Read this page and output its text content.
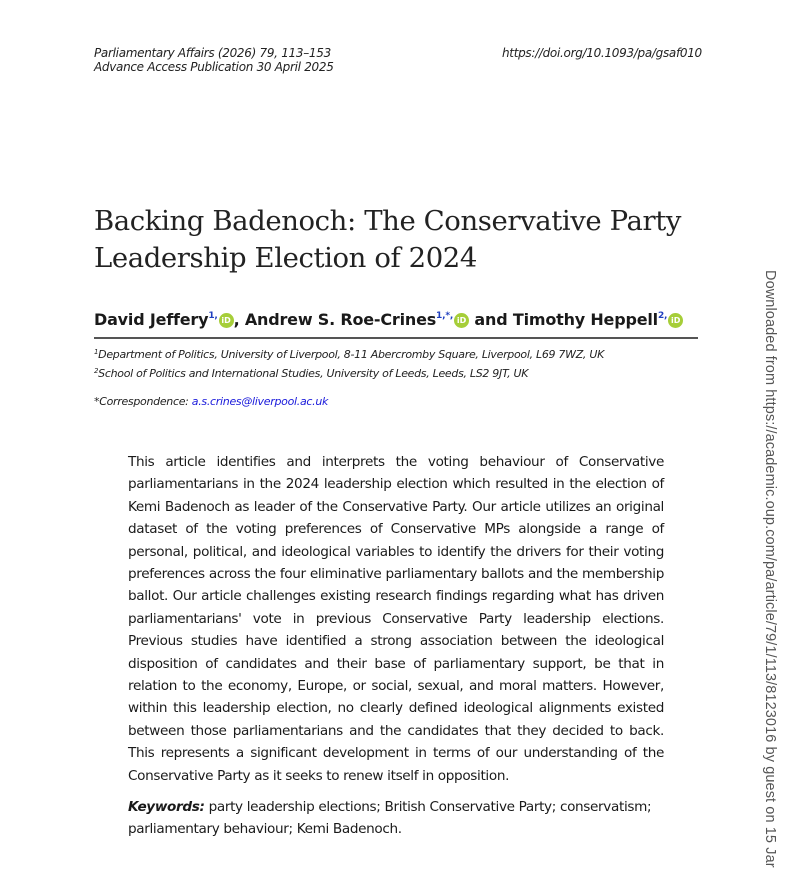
Parliamentary Affairs (2026) 79, 113–153
Advance Access Publication 30 April 2025
https://doi.org/10.1093/pa/gsaf010
Backing Badenoch: The Conservative Party
Leadership Election of 2024
David Jeffery$^{1,}$ iD , Andrew S. Roe-Crines$^{1,*,}$ iD and Timothy Heppell$^{2,}$ iD
$^1$Department of Politics, University of Liverpool, 8-11 Abercromby Square, Liverpool, L69 7WZ, UK
$^2$School of Politics and International Studies, University of Leeds, Leeds, LS2 9JT, UK
*Correspondence: a.s.crines@liverpool.ac.uk

This article identifies and interprets the voting behaviour of Conservative parliamentarians in the 2024 leadership election which resulted in the election of Kemi Badenoch as leader of the Conservative Party. Our article utilizes an original dataset of the voting preferences of Conservative MPs alongside a range of personal, political, and ideological variables to identify the drivers for their voting preferences across the four eliminative parliamentary ballots and the membership ballot. Our article challenges existing research findings regarding what has driven parliamentarians' vote in previous Conservative Party leadership elections. Previous studies have identified a strong association between the ideological disposition of candidates and their base of parliamentary support, be that in relation to the economy, Europe, or social, sexual, and moral matters. However, within this leadership election, no clearly defined ideological alignments existed between those parliamentarians and the candidates that they decided to back. This represents a significant development in terms of our understanding of the Conservative Party as it seeks to renew itself in opposition.

Keywords: party leadership elections; British Conservative Party; conservatism; parliamentary behaviour; Kemi Badenoch.	Downloaded from https://academic.oup.com/pa/article/79/1/113/8123016 by guest on 15 Jar
